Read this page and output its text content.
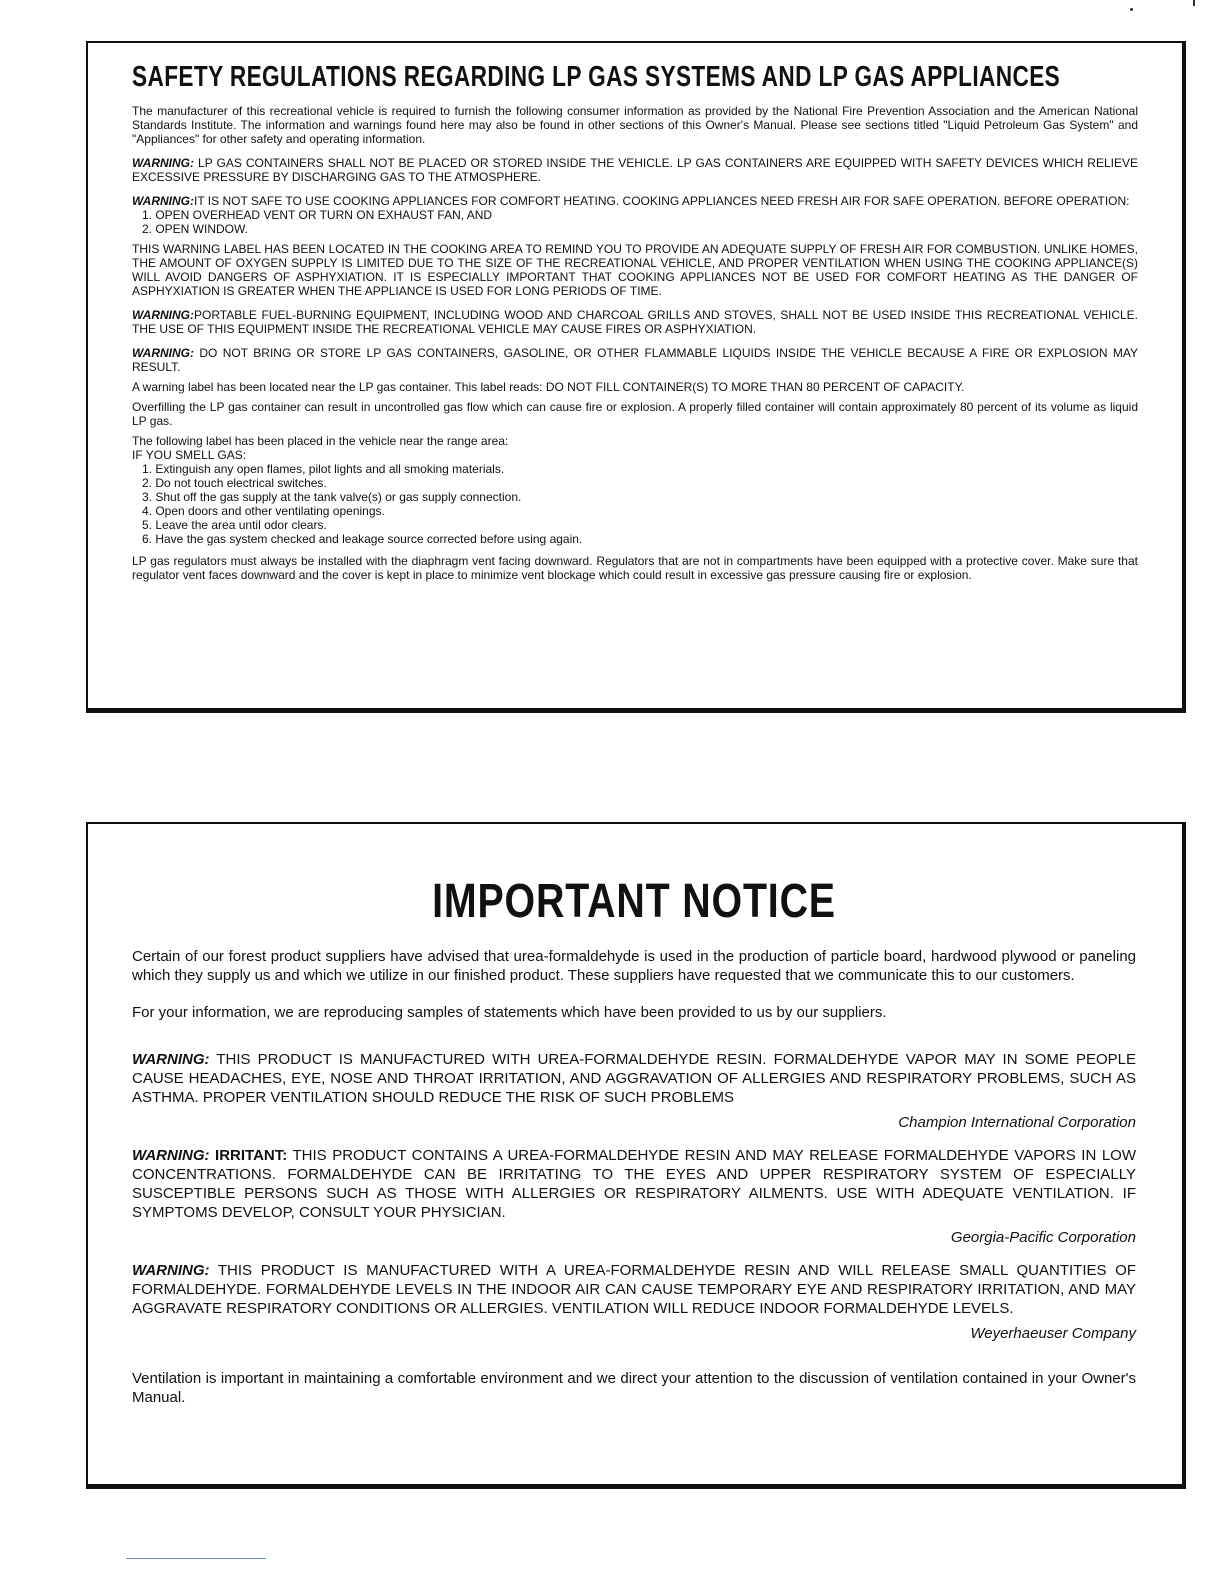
SAFETY REGULATIONS REGARDING LP GAS SYSTEMS AND LP GAS APPLIANCES

The manufacturer of this recreational vehicle is required to furnish the following consumer information as provided by the National Fire Prevention Association and the American National Standards Institute. The information and warnings found here may also be found in other sections of this Owner's Manual. Please see sections titled "Liquid Petroleum Gas System" and "Appliances" for other safety and operating information.

WARNING: LP GAS CONTAINERS SHALL NOT BE PLACED OR STORED INSIDE THE VEHICLE. LP GAS CONTAINERS ARE EQUIPPED WITH SAFETY DEVICES WHICH RELIEVE EXCESSIVE PRESSURE BY DISCHARGING GAS TO THE ATMOSPHERE.

WARNING:IT IS NOT SAFE TO USE COOKING APPLIANCES FOR COMFORT HEATING. COOKING APPLIANCES NEED FRESH AIR FOR SAFE OPERATION. BEFORE OPERATION:

1. OPEN OVERHEAD VENT OR TURN ON EXHAUST FAN, AND
2. OPEN WINDOW.

THIS WARNING LABEL HAS BEEN LOCATED IN THE COOKING AREA TO REMIND YOU TO PROVIDE AN ADEQUATE SUPPLY OF FRESH AIR FOR COMBUSTION. UNLIKE HOMES, THE AMOUNT OF OXYGEN SUPPLY IS LIMITED DUE TO THE SIZE OF THE RECREATIONAL VEHICLE, AND PROPER VENTILATION WHEN USING THE COOKING APPLIANCE(S) WILL AVOID DANGERS OF ASPHYXIATION. IT IS ESPECIALLY IMPORTANT THAT COOKING APPLIANCES NOT BE USED FOR COMFORT HEATING AS THE DANGER OF ASPHYXIATION IS GREATER WHEN THE APPLIANCE IS USED FOR LONG PERIODS OF TIME.

WARNING:PORTABLE FUEL-BURNING EQUIPMENT, INCLUDING WOOD AND CHARCOAL GRILLS AND STOVES, SHALL NOT BE USED INSIDE THIS RECREATIONAL VEHICLE. THE USE OF THIS EQUIPMENT INSIDE THE RECREATIONAL VEHICLE MAY CAUSE FIRES OR ASPHYXIATION.

WARNING: DO NOT BRING OR STORE LP GAS CONTAINERS, GASOLINE, OR OTHER FLAMMABLE LIQUIDS INSIDE THE VEHICLE BECAUSE A FIRE OR EXPLOSION MAY RESULT.

A warning label has been located near the LP gas container. This label reads: DO NOT FILL CONTAINER(S) TO MORE THAN 80 PERCENT OF CAPACITY.

Overfilling the LP gas container can result in uncontrolled gas flow which can cause fire or explosion. A properly filled container will contain approximately 80 percent of its volume as liquid LP gas.

The following label has been placed in the vehicle near the range area:

IF YOU SMELL GAS:
1. Extinguish any open flames, pilot lights and all smoking materials.
2. Do not touch electrical switches.
3. Shut off the gas supply at the tank valve(s) or gas supply connection.
4. Open doors and other ventilating openings.
5. Leave the area until odor clears.
6. Have the gas system checked and leakage source corrected before using again.

LP gas regulators must always be installed with the diaphragm vent facing downward. Regulators that are not in compartments have been equipped with a protective cover. Make sure that regulator vent faces downward and the cover is kept in place to minimize vent blockage which could result in excessive gas pressure causing fire or explosion.

IMPORTANT NOTICE

Certain of our forest product suppliers have advised that urea-formaldehyde is used in the production of particle board, hardwood plywood or paneling which they supply us and which we utilize in our finished product. These suppliers have requested that we communicate this to our customers.

For your information, we are reproducing samples of statements which have been provided to us by our suppliers.

WARNING: THIS PRODUCT IS MANUFACTURED WITH UREA-FORMALDEHYDE RESIN. FORMALDEHYDE VAPOR MAY IN SOME PEOPLE CAUSE HEADACHES, EYE, NOSE AND THROAT IRRITATION, AND AGGRAVATION OF ALLERGIES AND RESPIRATORY PROBLEMS, SUCH AS ASTHMA. PROPER VENTILATION SHOULD REDUCE THE RISK OF SUCH PROBLEMS

Champion International Corporation

WARNING: IRRITANT: THIS PRODUCT CONTAINS A UREA-FORMALDEHYDE RESIN AND MAY RELEASE FORMALDEHYDE VAPORS IN LOW CONCENTRATIONS. FORMALDEHYDE CAN BE IRRITATING TO THE EYES AND UPPER RESPIRATORY SYSTEM OF ESPECIALLY SUSCEPTIBLE PERSONS SUCH AS THOSE WITH ALLERGIES OR RESPIRATORY AILMENTS. USE WITH ADEQUATE VENTILATION. IF SYMPTOMS DEVELOP, CONSULT YOUR PHYSICIAN.

Georgia-Pacific Corporation

WARNING: THIS PRODUCT IS MANUFACTURED WITH A UREA-FORMALDEHYDE RESIN AND WILL RELEASE SMALL QUANTITIES OF FORMALDEHYDE. FORMALDEHYDE LEVELS IN THE INDOOR AIR CAN CAUSE TEMPORARY EYE AND RESPIRATORY IRRITATION, AND MAY AGGRAVATE RESPIRATORY CONDITIONS OR ALLERGIES. VENTILATION WILL REDUCE INDOOR FORMALDEHYDE LEVELS.

Weyerhaeuser Company

Ventilation is important in maintaining a comfortable environment and we direct your attention to the discussion of ventilation contained in your Owner's Manual.
